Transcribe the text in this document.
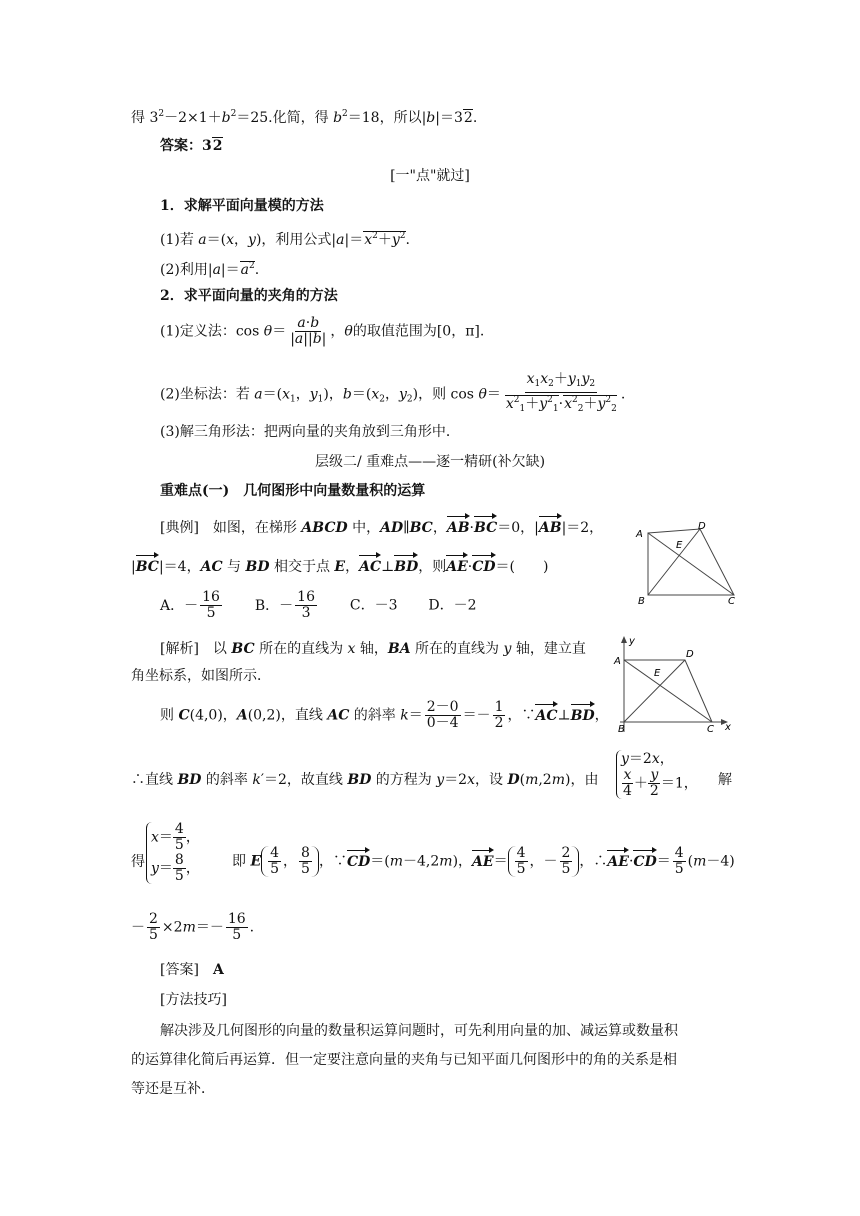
得 $3^2-2\times 1+b^2=25$.化简，得 $b^2=18$，所以|b|＝32.
答案：32
[一"点"就过]
1．求解平面向量模的方法
(1)若 a＝(x，y)，利用公式$|a|=x^2+y^2$.
(2)利用$|a|=a^2$.
2．求平面向量的夹角的方法
(1)定义法：$\cos \theta= \frac{a\cdot b}{|a||b|}$ ，θ的取值范围为[0，π].
(2)坐标法：若 $a=(x_1$，$y_1$)，$b=(x_2$，$y_2$)，则 $\cos \theta= \frac{x_1x_2+y_1y_2}{x^2_1+y^2_1\cdot x^2_2+y^2_2}$ .
(3)解三角形法：把两向量的夹角放到三角形中．
层级二/ 重难点——逐一精研(补欠缺)
重难点(一)　几何图形中向量数量积的运算
[典例]　如图，在梯形 ABCD 中，AD∥BC，AB·BC＝0，|AB|＝2，
|BC|＝4，AC 与 BD 相交于点 E，AC⊥BD，则AE·CD＝(　　)
A．－ $\frac{16}{5}$ B．－ $\frac{16}{3}$ C．－3 D．－2
A
D
E
B	C
[解析]　以 BC 所在的直线为 x 轴，BA 所在的直线为 y 轴，建立直
角坐标系，如图所示．
则 C(4,0)，A(0,2)，直线 AC 的斜率 $k= \frac{2-0}{0-4} =- \frac{1}{2}$ ，∵AC⊥BD，
y
A
D
E
B	C x
∴直线 BD 的斜率 k′＝2，故直线 BD 的方程为 y＝2x，设 D(m,2m)，由
y＝2x，

$\frac{x}{4} + \frac{y}{2} =1$， 解
得
$x= \frac{4}{5}$ ，
$y= \frac{8}{5}$ ， 即 E $\frac{4}{5}$ ， $\frac{8}{5}$ ，∵CD＝(m－4,2m)，$AE= \frac{4}{5}$ ，－ $\frac{2}{5}$ ，∴AE·CD＝ $\frac{4}{5} (m-4)$
－ $\frac{2}{5} \times 2m=- \frac{16}{5}$ .
[答案]　 A
[方法技巧]
解决涉及几何图形的向量的数量积运算问题时，可先利用向量的加、减运算或数量积
的运算律化简后再运算．但一定要注意向量的夹角与已知平面几何图形中的角的关系是相
等还是互补．
